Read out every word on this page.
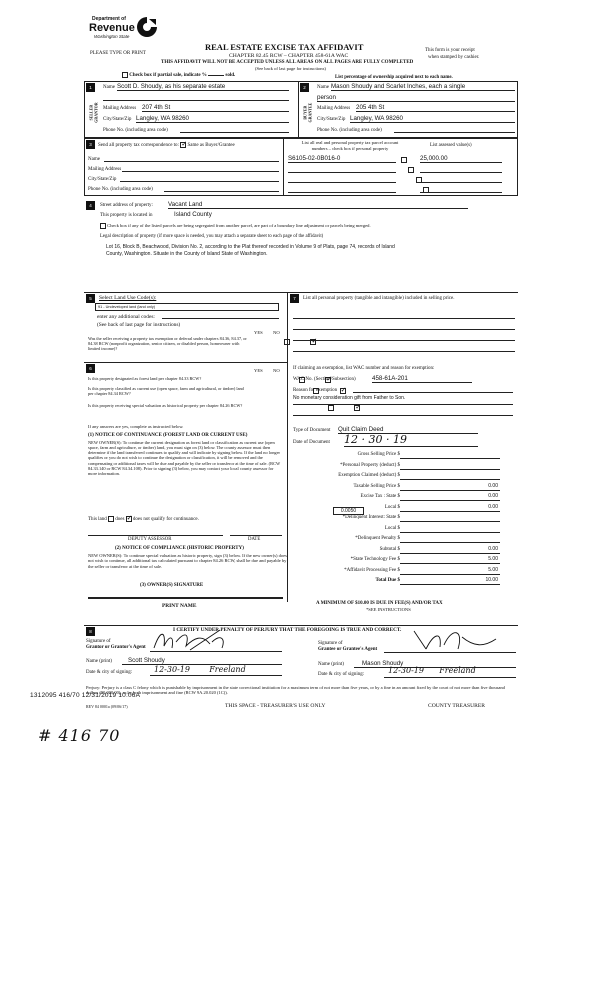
Department of
Revenue
Washington State
PLEASE TYPE OR PRINT
REAL ESTATE EXCISE TAX AFFIDAVIT
CHAPTER 82.45 RCW – CHAPTER 458-61A WAC
THIS AFFIDAVIT WILL NOT BE ACCEPTED UNLESS ALL AREAS ON ALL PAGES ARE FULLY COMPLETED
(See back of last page for instructions)
This form is your receipt
when stamped by cashier.
Check box if partial sale, indicate %	sold.	List percentage of ownership acquired next to each name.
1
SELLER GRANTOR
Name Scott D. Shoudy, as his separate estate
Mailing Address 207 4th St
City/State/Zip Langley, WA 98260
Phone No. (including area code)
2
BUYER GRANTEE
Name Mason Shoudy and Scarlet Inches, each a single
person
Mailing Address 205 4th St
City/State/Zip Langley, WA 98260
Phone No. (including area code)
3	Send all property tax correspondence to: ✓ Same as Buyer/Grantee
Name
Mailing Address
City/State/Zip
Phone No. (including area code)
List all real and personal property tax parcel account
numbers – check box if personal property
List assessed value(s)
S6105-02-0B016-0
	25,000.00

4	Street address of property: Vacant Land
This property is located in	Island County
Check box if any of the listed parcels are being segregated from another parcel, are part of a boundary line adjustment or parcels being merged.
Legal description of property (if more space is needed, you may attach a separate sheet to each page of the affidavit)
Lot 16, Block B, Beachwood, Division No. 2, according to the Plat thereof recorded in Volume 9 of Plats, page 74, records of Island
County, Washington. Situate in the County of Island State of Washington.
5	Select Land Use Code(s):
91 - Undeveloped land (land only)
enter any additional codes:
(See back of last page for instructions)
YES NO
Was the seller receiving a property tax exemption or deferral under chapters 84.36, 84.37, or 84.38 RCW (nonprofit organization, senior citizen, or disabled person, homeowner with limited income)?
✓
6	YES NO
Is this property designated as forest land per chapter 84.33 RCW?
✓
Is this property classified as current use (open space, farm and agricultural, or timber) land per chapter 84.34 RCW?
✓
Is this property receiving special valuation as historical property per chapter 84.26 RCW?
✓
If any answers are yes, complete as instructed below.
(1) NOTICE OF CONTINUANCE (FOREST LAND OR CURRENT USE)
NEW OWNER(S): To continue the current designation as forest land or classification as current use (open space, farm and agriculture, or timber) land, you must sign on (3) below. The county assessor must then determine if the land transferred continues to qualify and will indicate by signing below. If the land no longer qualifies or you do not wish to continue the designation or classification, it will be removed and the compensating or additional taxes will be due and payable by the seller or transferor at the time of sale. (RCW 84.33.140 or RCW 84.34.108). Prior to signing (3) below, you may contact your local county assessor for more information.
This land does ✓ does not qualify for continuance.
DEPUTY ASSESSOR	DATE
(2) NOTICE OF COMPLIANCE (HISTORIC PROPERTY)
NEW OWNER(S): To continue special valuation as historic property, sign (3) below. If the new owner(s) does not wish to continue, all additional tax calculated pursuant to chapter 84.26 RCW, shall be due and payable by the seller or transferor at the time of sale.
(3) OWNER(S) SIGNATURE
PRINT NAME
7	List all personal property (tangible and intangible) included in selling price.
If claiming an exemption, list WAC number and reason for exemption:
WAC No. (Section/Subsection)	458-61A-201
Reason for exemption
No monetary consideration gift from Father to Son.
Type of Document Quit Claim Deed
Date of Document 12 · 30 · 19
Gross Selling Price $
*Personal Property (deduct) $
Exemption Claimed (deduct) $
Taxable Selling Price $	0.00
Excise Tax : State $	0.00
Local $	0.00
*Delinquent Interest: State $
Local $
*Delinquent Penalty $
Subtotal $	0.00
*State Technology Fee $	5.00
*Affidavit Processing Fee $	5.00
Total Due $	10.00
0.0050
A MINIMUM OF $10.00 IS DUE IN FEE(S) AND/OR TAX
*SEE INSTRUCTIONS
8	I CERTIFY UNDER PENALTY OF PERJURY THAT THE FOREGOING IS TRUE AND CORRECT.
Signature of
Grantor or Grantor's Agent
Name (print)	Scott Shoudy
Date & city of signing:	12-30-19 Freeland
Signature of
Grantee or Grantee's Agent
Name (print)	Mason Shoudy
Date & city of signing:	12-30-19 Freeland
Perjury: Perjury is a class C felony which is punishable by imprisonment in the state correctional institution for a maximum term of not more than five years, or by a fine in an amount fixed by the court of not more than five thousand dollars ($5,000.00), or by both imprisonment and fine (RCW 9A.20.020 (1C)).
1312095 416/70 12/31/2019 10:06A
REV 84 0001a (09/06/17)	THIS SPACE - TREASURER'S USE ONLY	COUNTY TREASURER
# 416 70
